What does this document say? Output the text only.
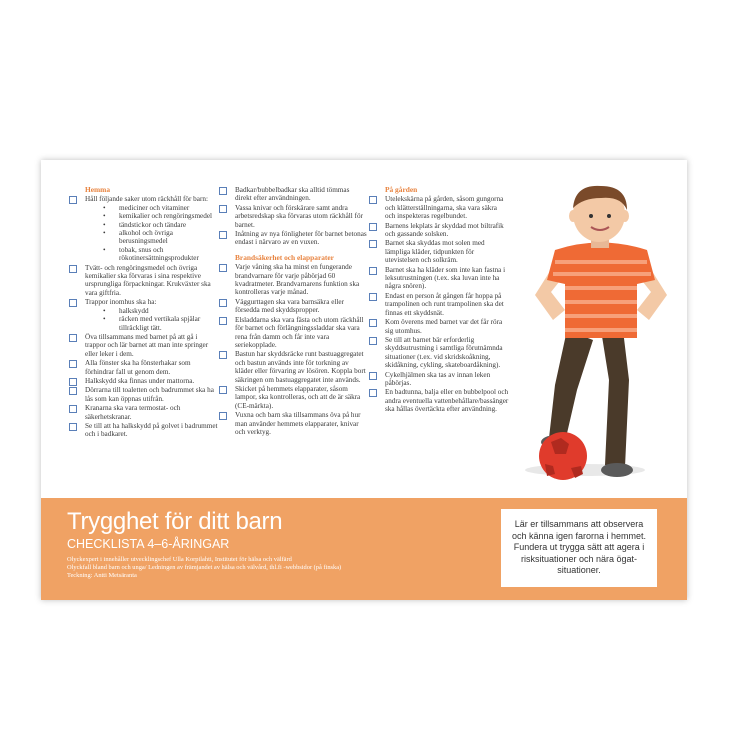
Hemma
Håll följande saker utom räckhåll för barn:
• mediciner och vitaminer
• kemikalier och rengöringsmedel
• tändstickor och tändare
• alkohol och övriga berusningsmedel
• tobak, snus och rökotinersättningsprodukter
Tvätt- och rengöringsmedel och övriga kemikalier ska förvaras i sina respektive ursprungliga förpackningar. Krukväxter ska vara giftfria.
Trappor inomhus ska ha:
• halkskydd
• räcken med vertikala spjälar tillräckligt tätt.
Öva tillsammans med barnet på att gå i trappor och lär barnet att man inte springer eller leker i dem.
Alla fönster ska ha fönsterhakar som förhindrar fall ut genom dem.
Halkskydd ska finnas under mattorna.
Dörrarna till toaletten och badrummet ska ha lås som kan öppnas utifrån.
Kranarna ska vara termostat- och säkerhetskranar.
Se till att ha halkskydd på golvet i badrummet och i badkaret.
Badkar/bubbelbadkar ska alltid tömmas direkt efter användningen.
Vassa knivar och förskärare samt andra arbetsredskap ska förvaras utom räckhåll för barnet.
Inåtning av nya fönligheter för barnet betonas endast i närvaro av en vuxen.
Brandsäkerhet och elapparater
Varje våning ska ha minst en fungerande brandvarnare för varje påbörjad 60 kvadratmeter. Brandvarnarens funktion ska kontrolleras varje månad.
Väggurttagen ska vara barnsäkra eller försedda med skyddspropper.
Elsladdarna ska vara fästa och utom räckhåll för barnet och förlängningssladdar ska vara rena från damm och får inte vara seriekopplade.
Bastun har skyddsräcke runt bastuaggregatet och bastun används inte för torkning av kläder eller förvaring av lösören. Koppla bort säkringen om bastuaggregatet inte används.
Skicket på hemmets elapparater, såsom lampor, ska kontrolleras, och att de är säkra (CE-märkta).
Vuxna och barn ska tillsammans öva på hur man använder hemmets elapparater, knivar och verktyg.
På gården
Utelekskärna på gården, såsom gungorna och klätterställningarna, ska vara säkra och inspekteras regelbundet.
Barnens lekplats är skyddad mot biltrafik och gassande solsken.
Barnet ska skyddas mot solen med lämpliga kläder, tidpunkten för utevistelsen och solkräm.
Barnet ska ha kläder som inte kan fastna i leksutrustningen (t.ex. ska luvan inte ha några snören).
Endast en person åt gången får hoppa på trampolinen och runt trampolinen ska det finnas ett skyddsnät.
Kom överens med barnet var det får röra sig utomhus.
Se till att barnet bär erforderlig skyddsutrustning i samtliga förutnämnda situationer (t.ex. vid skridskoåkning, skidåkning, cykling, skateboardåkning).
Cykelhjälmen ska tas av innan leken påbörjas.
En badtunna, balja eller en bubbelpool och andra eventuella vattenbehållare/bassänger ska hållas övertäckta efter användning.
Trygghet för ditt barn
CHECKLISTA 4–6-ÅRINGAR
Olyckexpert i innehåller utvecklingschef Ulla Korpilahti, Institutet för hälsa och välfärd
Olyckfall bland barn och unga/ Ledningen av främjandet av hälsa och välvård, thl.fi -webbsidor (på finska)
Teckning: Antti Metsäranta
Lär er tillsammans att observera och känna igen farorna i hemmet. Fundera ut trygga sätt att agera i risksituationer och nära ögat-situationer.
